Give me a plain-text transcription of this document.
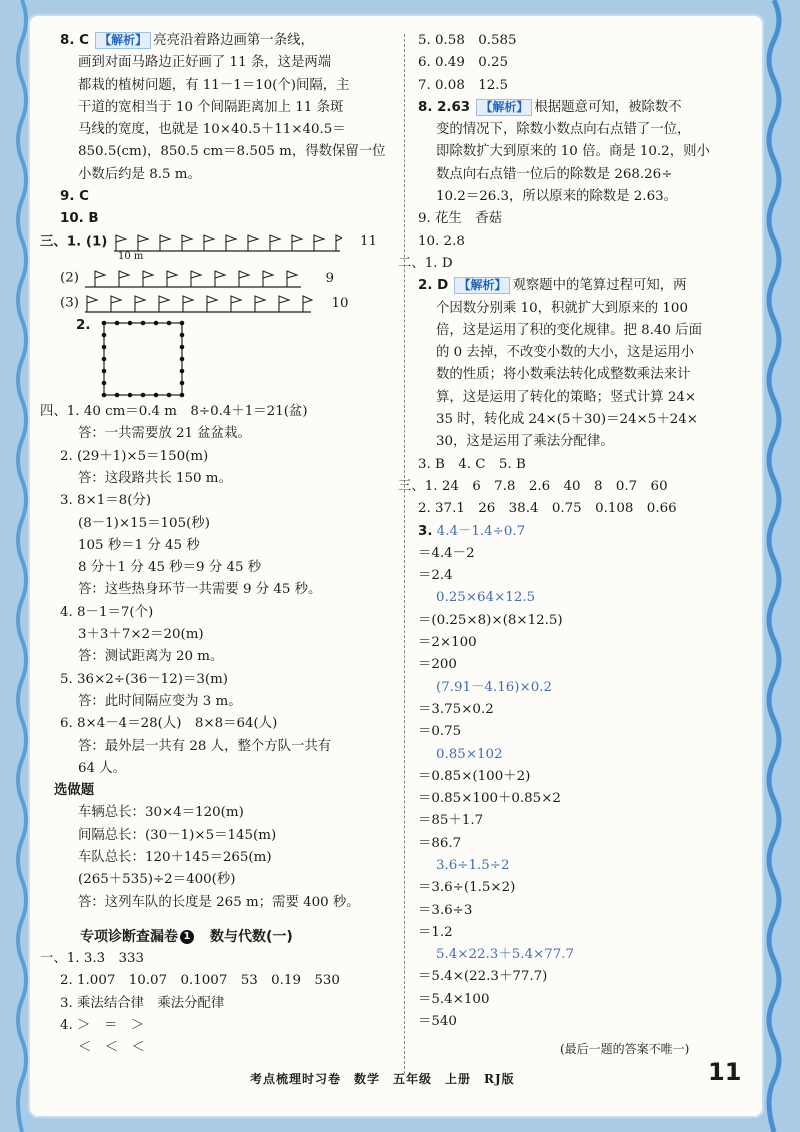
8. C 【解析】 亮亮沿着路边画第一条线，
画到对面马路边正好画了 11 条，这是两端
都栽的植树问题，有 11－1＝10(个)间隔，主
干道的宽相当于 10 个间隔距离加上 11 条斑
马线的宽度，也就是 10×40.5＋11×40.5＝
850.5(cm)，850.5 cm＝8.505 m，得数保留一位
小数后约是 8.5 m。
9. C
10. B
三、1. (1)	11
10 m
(2)	9
(3)	10
2.
四、1. 40 cm＝0.4 m　8÷0.4＋1＝21(盆)
答：一共需要放 21 盆盆栽。
2. (29＋1)×5＝150(m)
答：这段路共长 150 m。
3. 8×1＝8(分)
(8－1)×15＝105(秒)
105 秒＝1 分 45 秒
8 分＋1 分 45 秒＝9 分 45 秒
答：这些热身环节一共需要 9 分 45 秒。
4. 8－1＝7(个)
3＋3＋7×2＝20(m)
答：测试距离为 20 m。
5. 36×2÷(36－12)＝3(m)
答：此时间隔应变为 3 m。
6. 8×4－4＝28(人)　8×8＝64(人)
答：最外层一共有 28 人，整个方队一共有
64 人。
选做题
车辆总长：30×4＝120(m)
间隔总长：(30－1)×5＝145(m)
车队总长：120＋145＝265(m)
(265＋535)÷2＝400(秒)
答：这列车队的长度是 265 m；需要 400 秒。
专项诊断查漏卷 1　 数与代数(一)
一、1. 3.3̇　333
2. 1.007　10.07　0.1007　53　0.19　530
3. 乘法结合律　乘法分配律
4. ＞　＝　＞
＜　＜　＜
5. 0.58　0.585
6. 0.49　0.25
7. 0.08　12.5
8. 2.63 【解析】 根据题意可知，被除数不
变的情况下，除数小数点向右点错了一位，
即除数扩大到原来的 10 倍。商是 10.2，则小
数点向右点错一位后的除数是 268.26÷
10.2＝26.3，所以原来的除数是 2.63。
9. 花生　香菇
10. 2.8
二、1. D
2. D 【解析】 观察题中的笔算过程可知，两
个因数分别乘 10，积就扩大到原来的 100
倍，这是运用了积的变化规律。把 8.40 后面
的 0 去掉，不改变小数的大小，这是运用小
数的性质；将小数乘法转化成整数乘法来计
算，这是运用了转化的策略；竖式计算 24×
35 时，转化成 24×(5＋30)＝24×5＋24×
30，这是运用了乘法分配律。
3. B　4. C　5. B
三、1. 24　6　7.8　2.6　40　8　0.7　60
2. 37.1　26　38.4　0.75　0.108　0.66
3. 4.4－1.4÷0.7
＝4.4－2
＝2.4
0.25×64×12.5
＝(0.25×8)×(8×12.5)
＝2×100
＝200
(7.91－4.16)×0.2
＝3.75×0.2
＝0.75
0.85×102
＝0.85×(100＋2)
＝0.85×100＋0.85×2
＝85＋1.7
＝86.7
3.6÷1.5÷2
＝3.6÷(1.5×2)
＝3.6÷3
＝1.2
5.4×22.3＋5.4×77.7
＝5.4×(22.3＋77.7)
＝5.4×100
＝540
(最后一题的答案不唯一)
考点梳理时习卷　数学　五年级　上册　RJ版	11
